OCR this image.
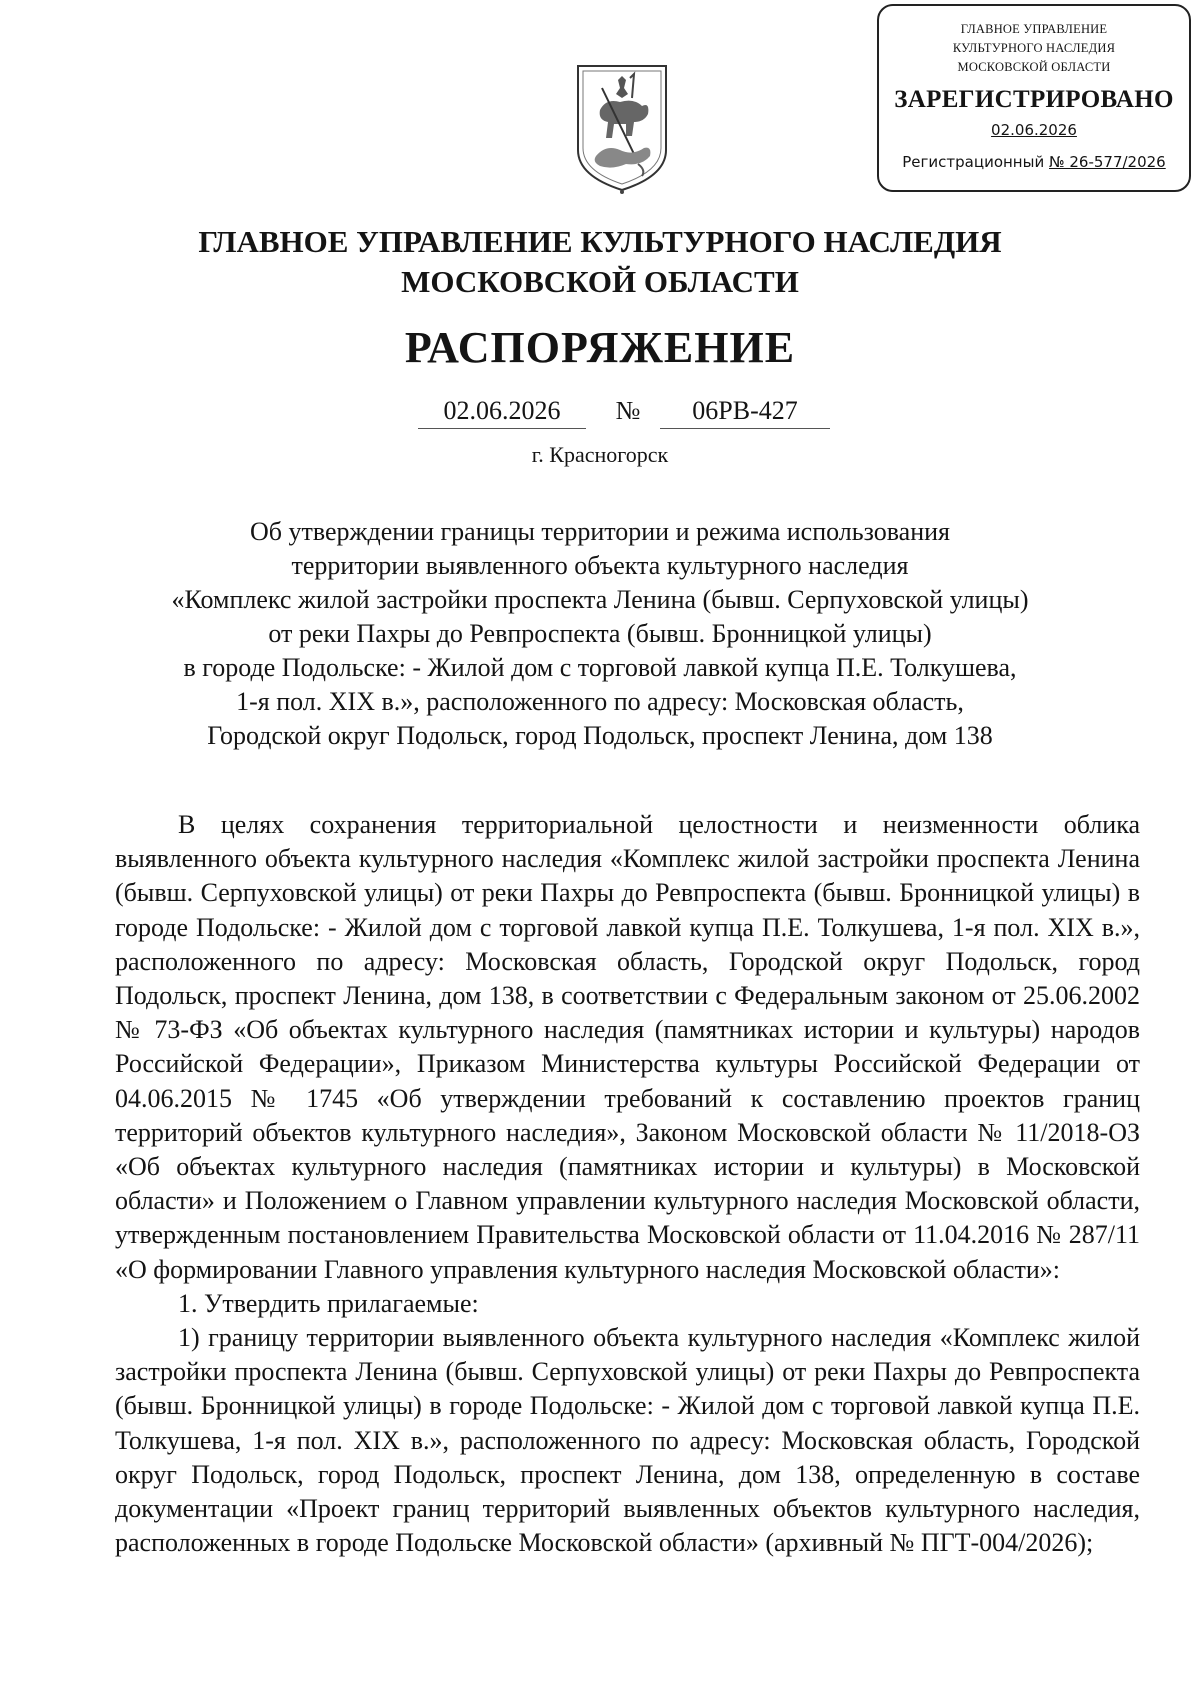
ГЛАВНОЕ УПРАВЛЕНИЕ
КУЛЬТУРНОГО НАСЛЕДИЯ
МОСКОВСКОЙ ОБЛАСТИ
ЗАРЕГИСТРИРОВАНО
02.06.2026
Регистрационный № 26-577/2026
ГЛАВНОЕ УПРАВЛЕНИЕ КУЛЬТУРНОГО НАСЛЕДИЯ
МОСКОВСКОЙ ОБЛАСТИ
РАСПОРЯЖЕНИЕ
02.06.2026	№	06РВ-427
г. Красногорск
Об утверждении границы территории и режима использования
территории выявленного объекта культурного наследия
«Комплекс жилой застройки проспекта Ленина (бывш. Серпуховской улицы)
от реки Пахры до Ревпроспекта (бывш. Бронницкой улицы)
в городе Подольске: - Жилой дом с торговой лавкой купца П.Е. Толкушева,
1-я пол. XIX в.», расположенного по адресу: Московская область,
Городской округ Подольск, город Подольск, проспект Ленина, дом 138

В целях сохранения территориальной целостности и неизменности облика выявленного объекта культурного наследия «Комплекс жилой застройки проспекта Ленина (бывш. Серпуховской улицы) от реки Пахры до Ревпроспекта (бывш. Бронницкой улицы) в городе Подольске: - Жилой дом с торговой лавкой купца П.Е. Толкушева, 1-я пол. XIX в.», расположенного по адресу: Московская область, Городской округ Подольск, город Подольск, проспект Ленина, дом 138, в соответствии с Федеральным законом от 25.06.2002 № 73-ФЗ «Об объектах культурного наследия (памятниках истории и культуры) народов Российской Федерации», Приказом Министерства культуры Российской Федерации от 04.06.2015 № 1745 «Об утверждении требований к составлению проектов границ территорий объектов культурного наследия», Законом Московской области № 11/2018-ОЗ «Об объектах культурного наследия (памятниках истории и культуры) в Московской области» и Положением о Главном управлении культурного наследия Московской области, утвержденным постановлением Правительства Московской области от 11.04.2016 № 287/11 «О формировании Главного управления культурного наследия Московской области»:

1. Утвердить прилагаемые:

1) границу территории выявленного объекта культурного наследия «Комплекс жилой застройки проспекта Ленина (бывш. Серпуховской улицы) от реки Пахры до Ревпроспекта (бывш. Бронницкой улицы) в городе Подольске: - Жилой дом с торговой лавкой купца П.Е. Толкушева, 1-я пол. XIX в.», расположенного по адресу: Московская область, Городской округ Подольск, город Подольск, проспект Ленина, дом 138, определенную в составе документации «Проект границ территорий выявленных объектов культурного наследия, расположенных в городе Подольске Московской области» (архивный № ПГТ-004/2026);
